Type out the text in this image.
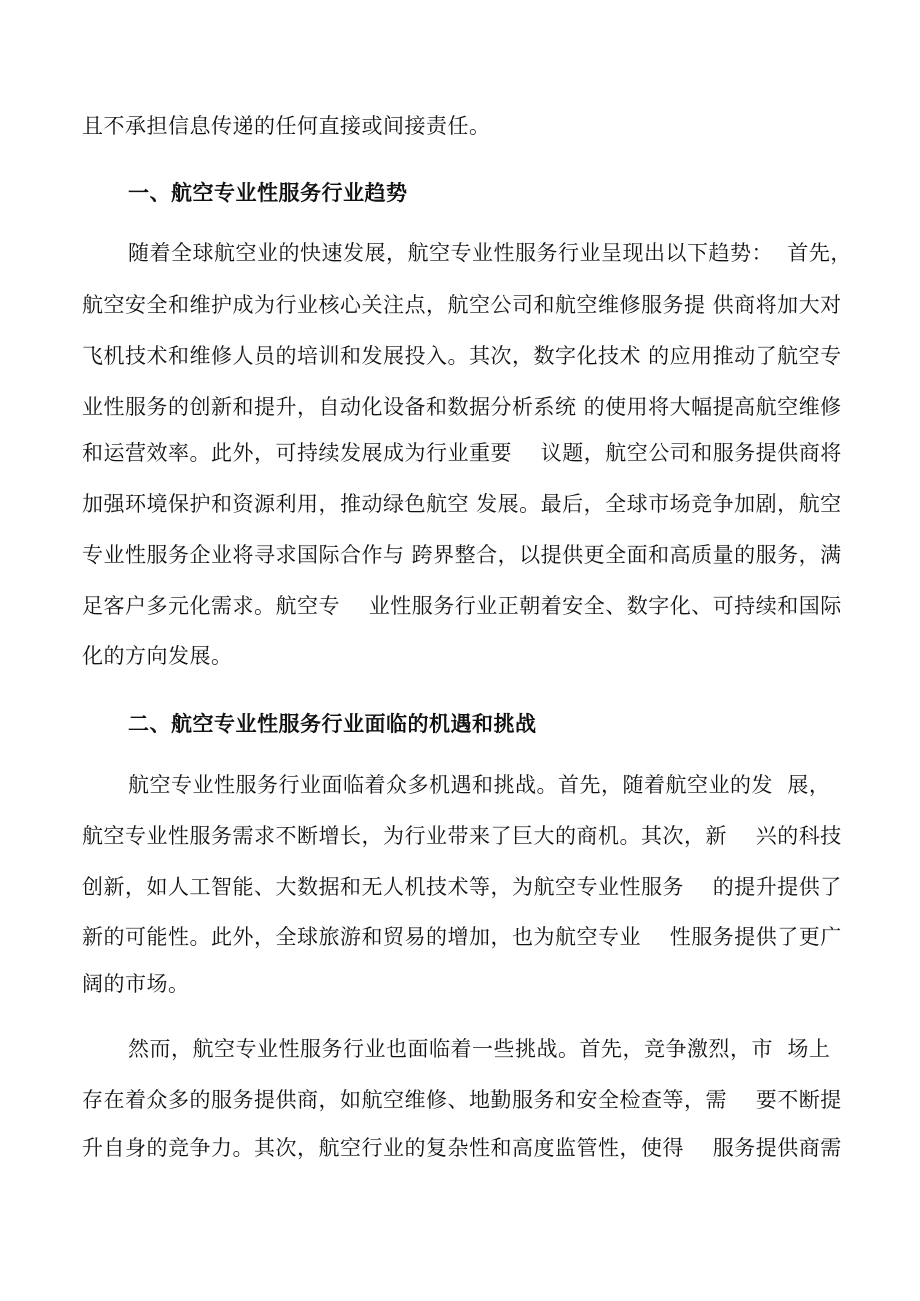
且不承担信息传递的任何直接或间接责任。

一、航空专业性服务行业趋势

随着全球航空业的快速发展，航空专业性服务行业呈现出以下趋势：  首先，

航空安全和维护成为行业核心关注点，航空公司和航空维修服务提 供商将加大对

飞机技术和维修人员的培训和发展投入。其次，数字化技术 的应用推动了航空专

业性服务的创新和提升，自动化设备和数据分析系统 的使用将大幅提高航空维修

和运营效率。此外，可持续发展成为行业重要    议题，航空公司和服务提供商将

加强环境保护和资源利用，推动绿色航空 发展。最后，全球市场竞争加剧，航空

专业性服务企业将寻求国际合作与 跨界整合，以提供更全面和高质量的服务，满

足客户多元化需求。航空专    业性服务行业正朝着安全、数字化、可持续和国际

化的方向发展。

二、航空专业性服务行业面临的机遇和挑战

航空专业性服务行业面临着众多机遇和挑战。首先，随着航空业的发  展，

航空专业性服务需求不断增长，为行业带来了巨大的商机。其次，新    兴的科技

创新，如人工智能、大数据和无人机技术等，为航空专业性服务    的提升提供了

新的可能性。此外，全球旅游和贸易的增加，也为航空专业    性服务提供了更广

阔的市场。

然而，航空专业性服务行业也面临着一些挑战。首先，竞争激烈，市  场上

存在着众多的服务提供商，如航空维修、地勤服务和安全检查等，需    要不断提

升自身的竞争力。其次，航空行业的复杂性和高度监管性，使得    服务提供商需
